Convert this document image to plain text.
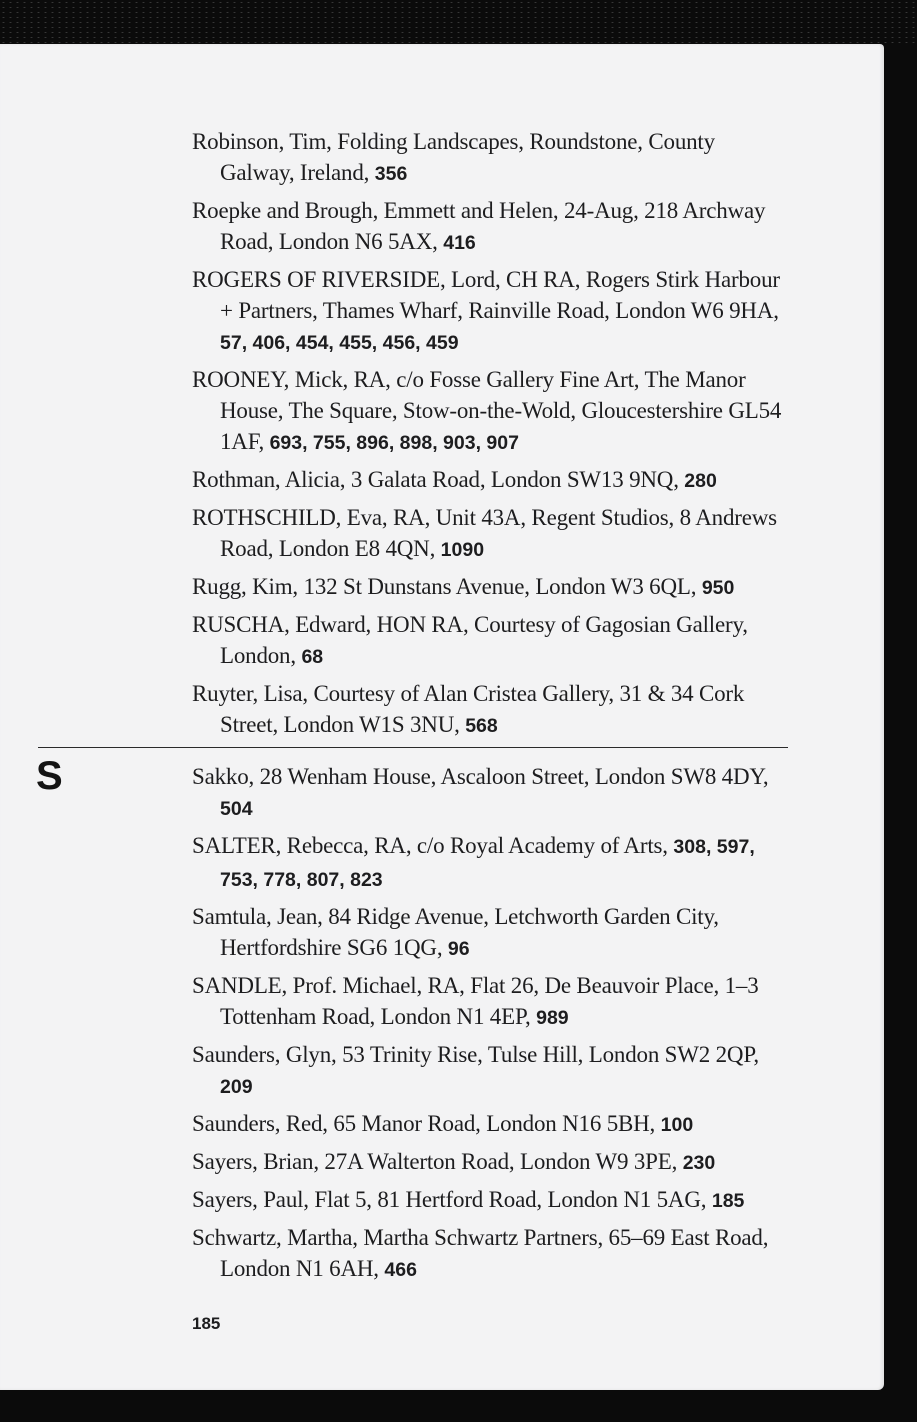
Robinson, Tim, Folding Landscapes, Roundstone, County Galway, Ireland, 356
Roepke and Brough, Emmett and Helen, 24-Aug, 218 Archway Road, London N6 5AX, 416
ROGERS OF RIVERSIDE, Lord, CH RA, Rogers Stirk Harbour + Partners, Thames Wharf, Rainville Road, London W6 9HA, 57, 406, 454, 455, 456, 459
ROONEY, Mick, RA, c/o Fosse Gallery Fine Art, The Manor House, The Square, Stow-on-the-Wold, Gloucestershire GL54 1AF, 693, 755, 896, 898, 903, 907
Rothman, Alicia, 3 Galata Road, London SW13 9NQ, 280
ROTHSCHILD, Eva, RA, Unit 43A, Regent Studios, 8 Andrews Road, London E8 4QN, 1090
Rugg, Kim, 132 St Dunstans Avenue, London W3 6QL, 950
RUSCHA, Edward, HON RA, Courtesy of Gagosian Gallery, London, 68
Ruyter, Lisa, Courtesy of Alan Cristea Gallery, 31 & 34 Cork Street, London W1S 3NU, 568
S	Sakko, 28 Wenham House, Ascaloon Street, London SW8 4DY, 504
SALTER, Rebecca, RA, c/o Royal Academy of Arts, 308, 597, 753, 778, 807, 823
Samtula, Jean, 84 Ridge Avenue, Letchworth Garden City, Hertfordshire SG6 1QG, 96
SANDLE, Prof. Michael, RA, Flat 26, De Beauvoir Place, 1–3 Tottenham Road, London N1 4EP, 989
Saunders, Glyn, 53 Trinity Rise, Tulse Hill, London SW2 2QP, 209
Saunders, Red, 65 Manor Road, London N16 5BH, 100
Sayers, Brian, 27A Walterton Road, London W9 3PE, 230
Sayers, Paul, Flat 5, 81 Hertford Road, London N1 5AG, 185
Schwartz, Martha, Martha Schwartz Partners, 65–69 East Road, London N1 6AH, 466
185
